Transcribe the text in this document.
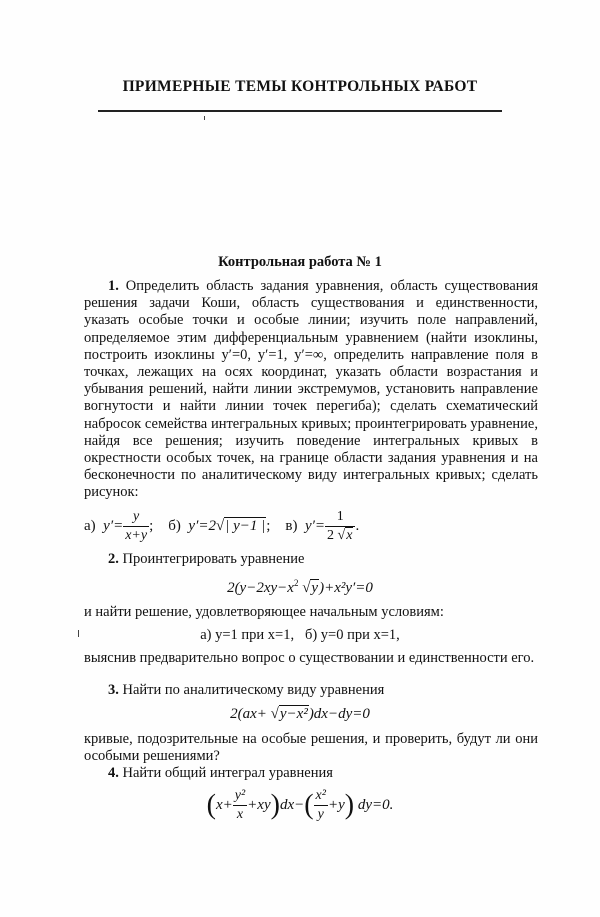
ПРИМЕРНЫЕ ТЕМЫ КОНТРОЛЬНЫХ РАБОТ
Контрольная работа № 1
1. Определить область задания уравнения, область существования решения задачи Коши, область существования и единственности, указать особые точки и особые линии; изучить поле направлений, определяемое этим дифференциальным уравнением (найти изоклины, построить изоклины y′=0, y′=1, y′=∞, определить направление поля в точках, лежащих на осях координат, указать области возрастания и убывания решений, найти линии экстремумов, установить направление вогнутости и найти линии точек перегиба); сделать схематический набросок семейства интегральных кривых; проинтегрировать уравнение, найдя все решения; изучить поведение интегральных кривых в окрестности особых точек, на границе области задания уравнения и на бесконечности по аналитическому виду интегральных кривых; сделать рисунок:
а) $y'= \frac{y}{x+y}$ ; б) y′=2√| y−1 |; в) $y'= \frac{1}{2 √x}$ .
2. Проинтегрировать уравнение
$2(y-2xy-x^2$ √y)+x²y′=0
и найти решение, удовлетворяющее начальным условиям:
а) y=1 при x=1,   б) y=0 при x=1,
выяснив предварительно вопрос о существовании и единственности его.
3. Найти по аналитическому виду уравнения
2(ax+ √y−x²)dx−dy=0
кривые, подозрительные на особые решения, и проверить, будут ли они особыми решениями?
4. Найти общий интеграл уравнения
$(x+ \frac{\text{y²}}{x} +xy)dx-( \frac{\text{x²}}{y} +y)$ dy=0.
